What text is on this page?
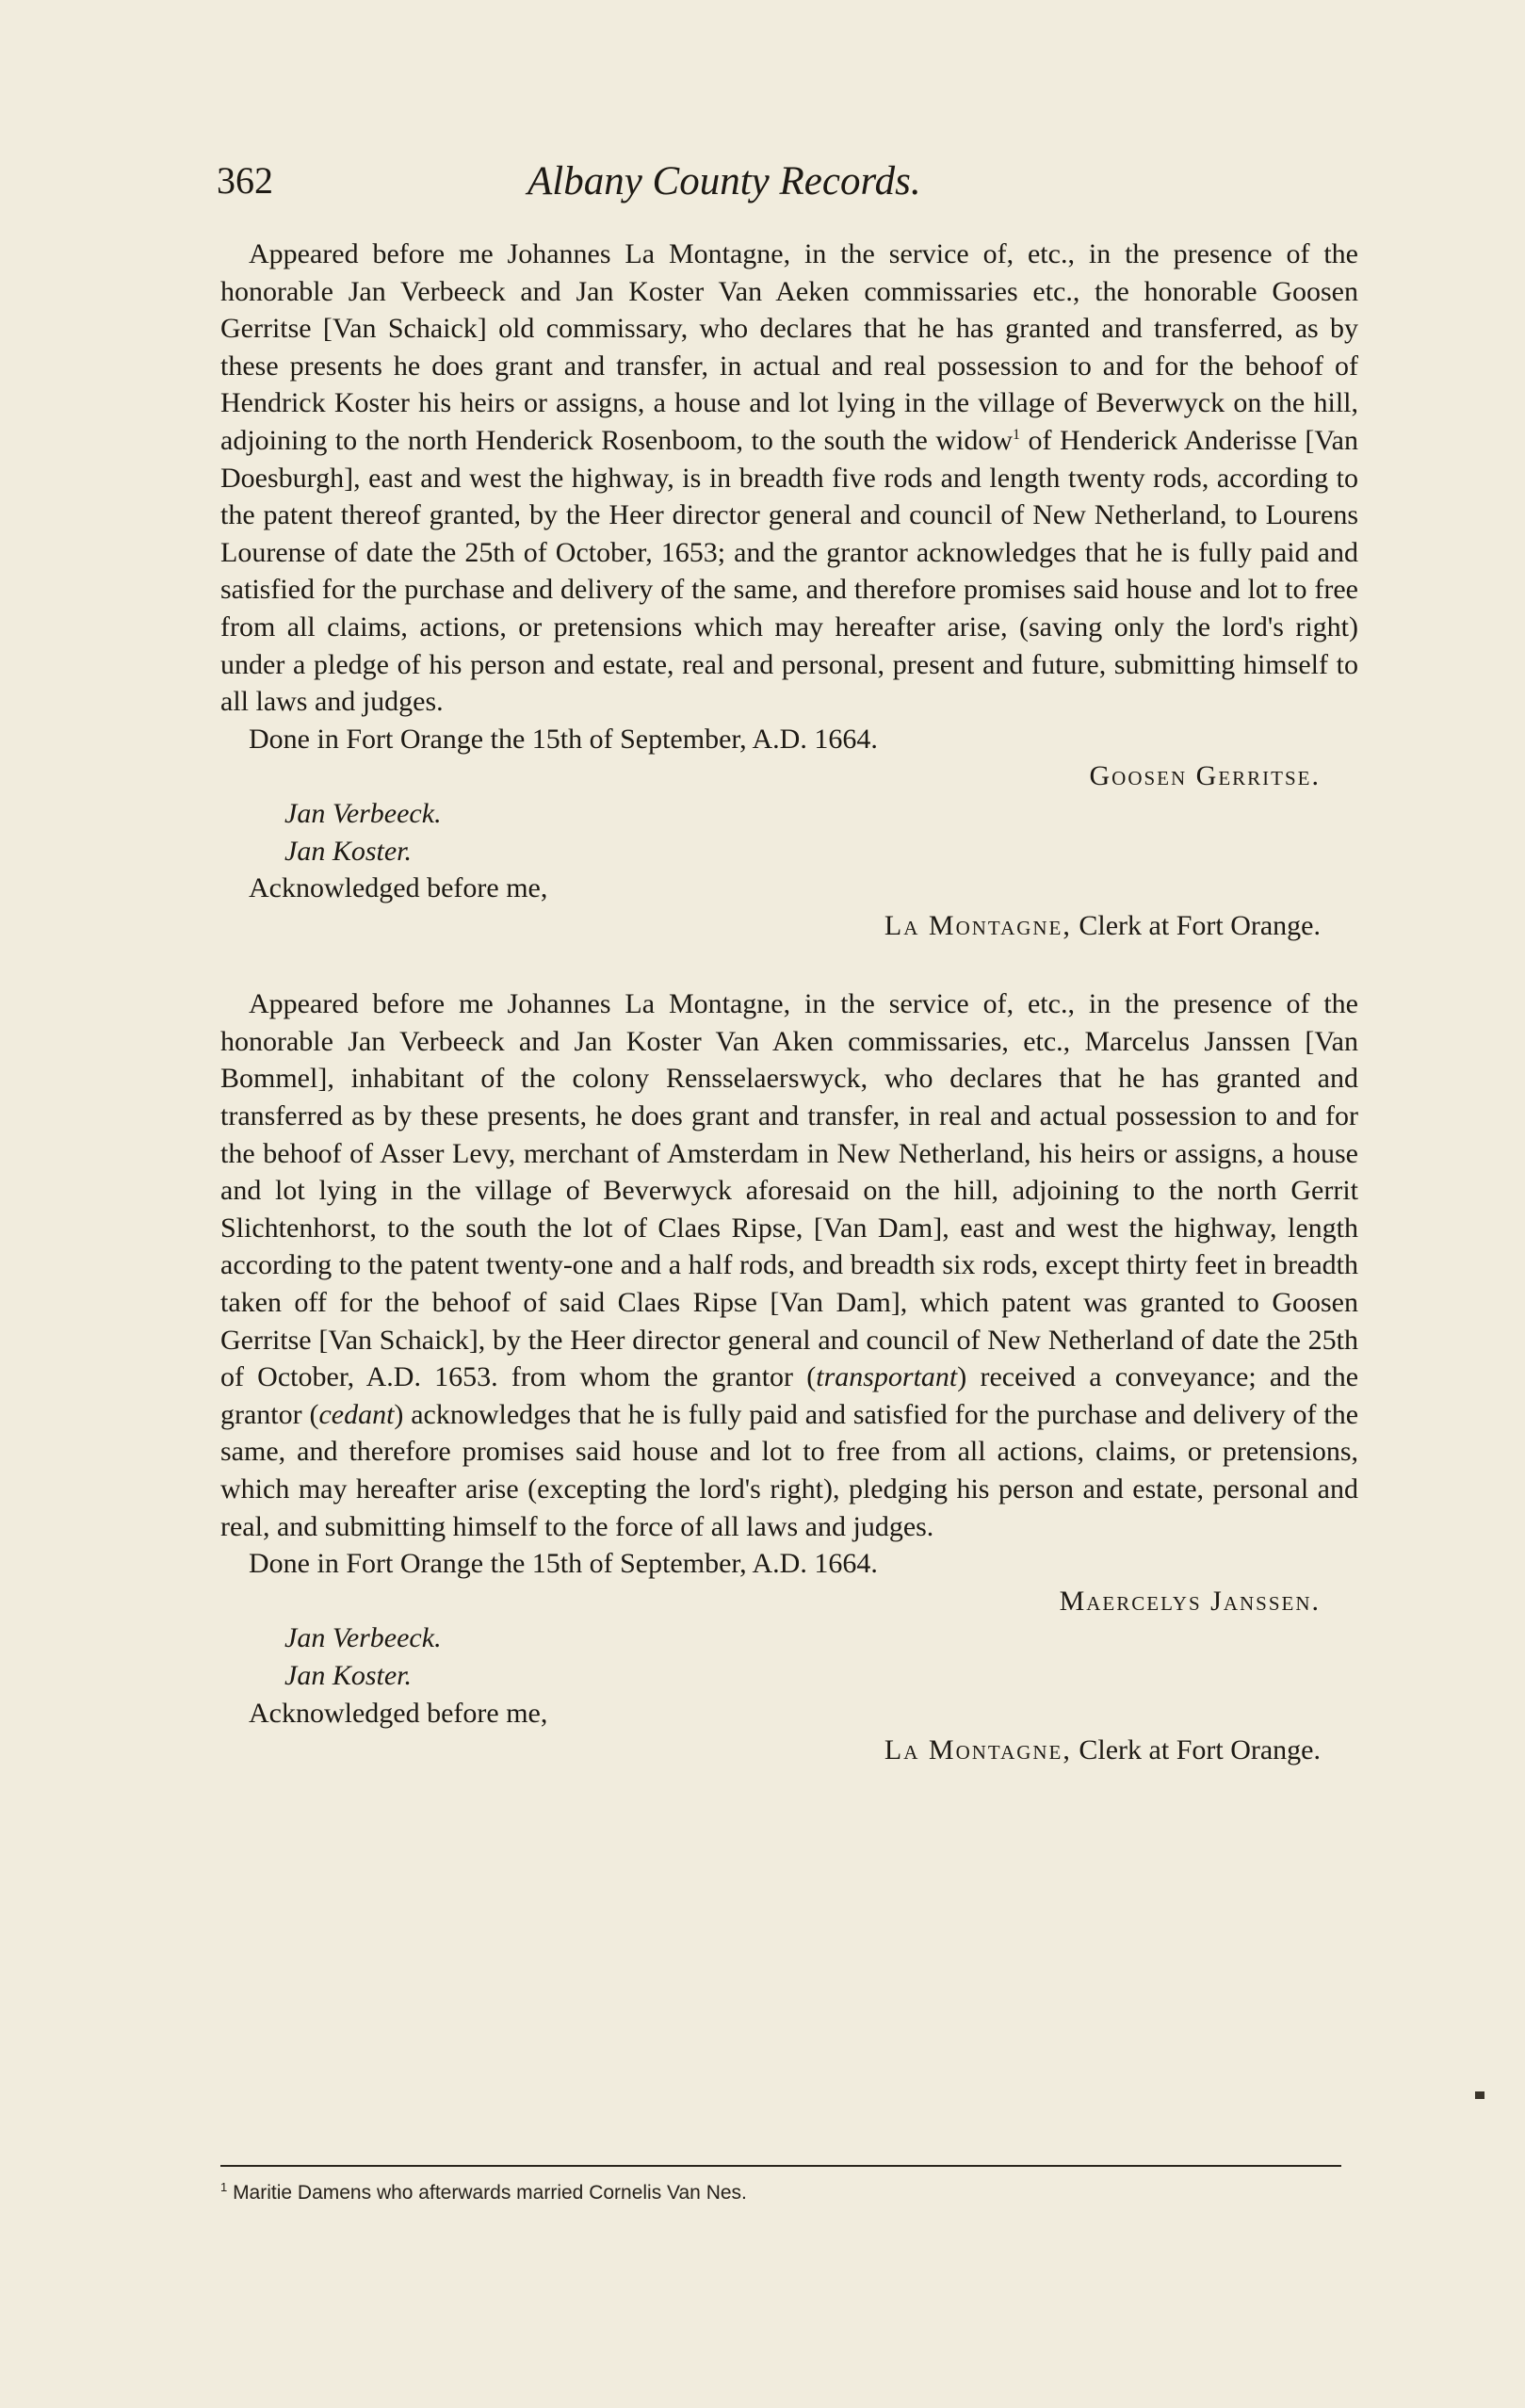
362	Albany County Records.

Appeared before me Johannes La Montagne, in the service of, etc., in the presence of the honorable Jan Verbeeck and Jan Koster Van Aeken commissaries etc., the honorable Goosen Gerritse [Van Schaick] old commissary, who declares that he has granted and transferred, as by these presents he does grant and transfer, in actual and real possession to and for the behoof of Hendrick Koster his heirs or assigns, a house and lot lying in the village of Beverwyck on the hill, adjoining to the north Henderick Rosenboom, to the south the widow$^1$ of Henderick Anderisse [Van Doesburgh], east and west the highway, is in breadth five rods and length twenty rods, according to the patent thereof granted, by the Heer director general and council of New Netherland, to Lourens Lourense of date the 25th of October, 1653; and the grantor acknowledges that he is fully paid and satisfied for the purchase and delivery of the same, and therefore promises said house and lot to free from all claims, actions, or pretensions which may hereafter arise, (saving only the lord's right) under a pledge of his person and estate, real and personal, present and future, submitting himself to all laws and judges.

Done in Fort Orange the 15th of September, A.D. 1664.

Goosen Gerritse.

Jan Verbeeck.

Jan Koster.

Acknowledged before me,

La Montagne, Clerk at Fort Orange.

Appeared before me Johannes La Montagne, in the service of, etc., in the presence of the honorable Jan Verbeeck and Jan Koster Van Aken commissaries, etc., Marcelus Janssen [Van Bommel], inhabitant of the colony Rensselaerswyck, who declares that he has granted and transferred as by these presents, he does grant and transfer, in real and actual possession to and for the behoof of Asser Levy, merchant of Amsterdam in New Netherland, his heirs or assigns, a house and lot lying in the village of Beverwyck aforesaid on the hill, adjoining to the north Gerrit Slichtenhorst, to the south the lot of Claes Ripse, [Van Dam], east and west the highway, length according to the patent twenty-one and a half rods, and breadth six rods, except thirty feet in breadth taken off for the behoof of said Claes Ripse [Van Dam], which patent was granted to Goosen Gerritse [Van Schaick], by the Heer director general and council of New Netherland of date the 25th of October, A.D. 1653. from whom the grantor (transportant) received a conveyance; and the grantor (cedant) acknowledges that he is fully paid and satisfied for the purchase and delivery of the same, and therefore promises said house and lot to free from all actions, claims, or pretensions, which may hereafter arise (excepting the lord's right), pledging his person and estate, personal and real, and submitting himself to the force of all laws and judges.

Done in Fort Orange the 15th of September, A.D. 1664.

Maercelys Janssen.

Jan Verbeeck.

Jan Koster.

Acknowledged before me,

La Montagne, Clerk at Fort Orange.

$^1$ Maritie Damens who afterwards married Cornelis Van Nes.
